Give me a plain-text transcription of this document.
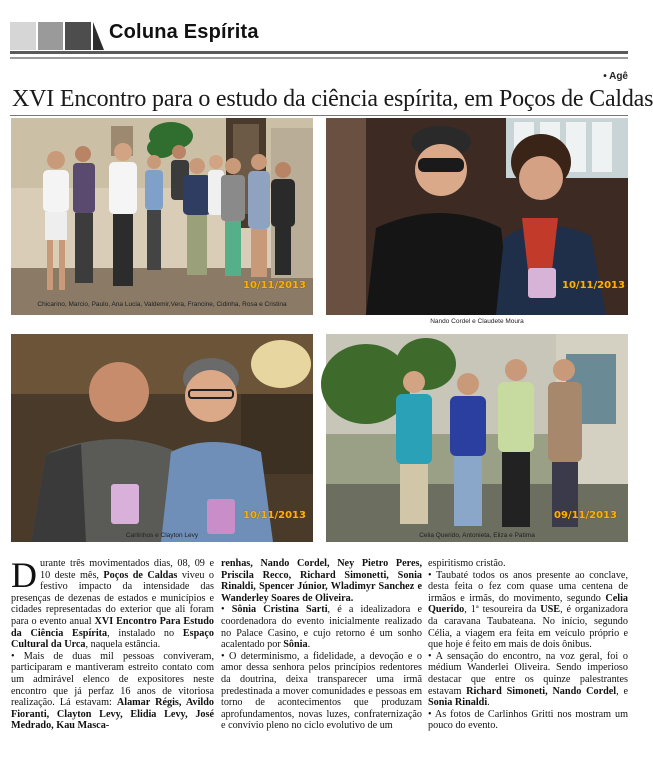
Coluna Espírita
• Agê
XVI Encontro para o estudo da ciência espírita, em Poços de Caldas
10/11/2013
Chicarino, Marcio, Paulo, Ana Lucia, Valdemir,Vera, Francine, Cidinha, Rosa e Cristina
10/11/2013
Nando Cordel e Claudete Moura
10/11/2013
Carlinhos e Clayton Levy
09/11/2013
Celia Querido, Antonieta, Eliza e Patima

Durante três movimentados dias, 08, 09 e 10 deste mês, Poços de Caldas viveu o festivo impacto da intensidade das presenças de dezenas de estados e municípios e cidades representadas do exterior que ali foram para o evento anual XVI Encontro Para Estudo da Ciência Espírita, instalado no Espaço Cultural da Urca, naquela estância.

• Mais de duas mil pessoas conviveram, participaram e mantiveram estreito contato com um admirável elenco de expositores neste encontro que já perfaz 16 anos de vitoriosa realização. Lá estavam: Alamar Régis, Avildo Fioranti, Clayton Levy, Elidia Levy, José Medrado, Kau Masca-

renhas, Nando Cordel, Ney Pietro Peres, Priscila Recco, Richard Simonetti, Sonia Rinaldi, Spencer Júnior, Wladimyr Sanchez e Wanderley Soares de Oliveira.

• Sônia Cristina Sarti, é a idealizadora e coordenadora do evento inicialmente realizado no Palace Casino, e cujo retorno é um sonho acalentado por Sônia.

• O determinismo, a fidelidade, a devoção e o amor dessa senhora pelos princípios redentores da doutrina, deixa transparecer uma irmã predestinada a mover comunidades e pessoas em torno de acontecimentos que produzam aprofundamentos, novas luzes, confraternização e convívio pleno no ciclo evolutivo de um

espiritismo cristão.

• Taubaté todos os anos presente ao conclave, desta feita o fez com quase uma centena de irmãos e irmãs, do movimento, segundo Celia Querido, 1ª tesoureira da USE, é organizadora da caravana Taubateana. No início, segundo Célia, a viagem era feita em veículo próprio e que hoje é feito em mais de dois ônibus.

• A sensação do encontro, na voz geral, foi o médium Wanderlei Oliveira. Sendo imperioso destacar que entre os quinze palestrantes estavam Richard Simoneti, Nando Cordel, e Sonia Rinaldi.

• As fotos de Carlinhos Gritti nos mostram um pouco do evento.
